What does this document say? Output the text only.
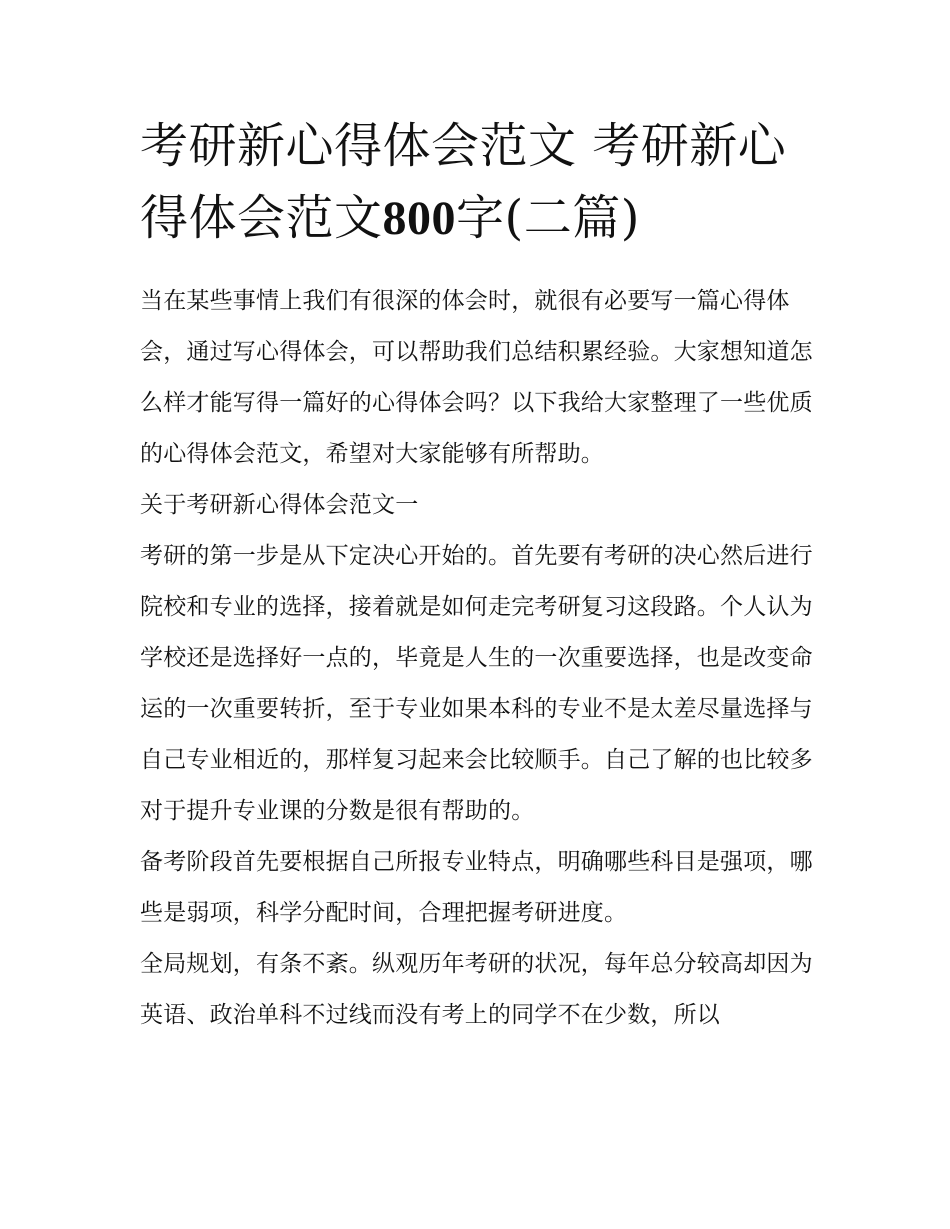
考研新心得体会范文 考研新心得体会范文800字(二篇)

当在某些事情上我们有很深的体会时，就很有必要写一篇心得体会，通过写心得体会，可以帮助我们总结积累经验。大家想知道怎么样才能写得一篇好的心得体会吗？以下我给大家整理了一些优质的心得体会范文，希望对大家能够有所帮助。

关于考研新心得体会范文一

考研的第一步是从下定决心开始的。首先要有考研的决心然后进行院校和专业的选择，接着就是如何走完考研复习这段路。个人认为学校还是选择好一点的，毕竟是人生的一次重要选择，也是改变命运的一次重要转折，至于专业如果本科的专业不是太差尽量选择与自己专业相近的，那样复习起来会比较顺手。自己了解的也比较多对于提升专业课的分数是很有帮助的。

备考阶段首先要根据自己所报专业特点，明确哪些科目是强项，哪些是弱项，科学分配时间，合理把握考研进度。

全局规划，有条不紊。纵观历年考研的状况，每年总分较高却因为英语、政治单科不过线而没有考上的同学不在少数，所以
